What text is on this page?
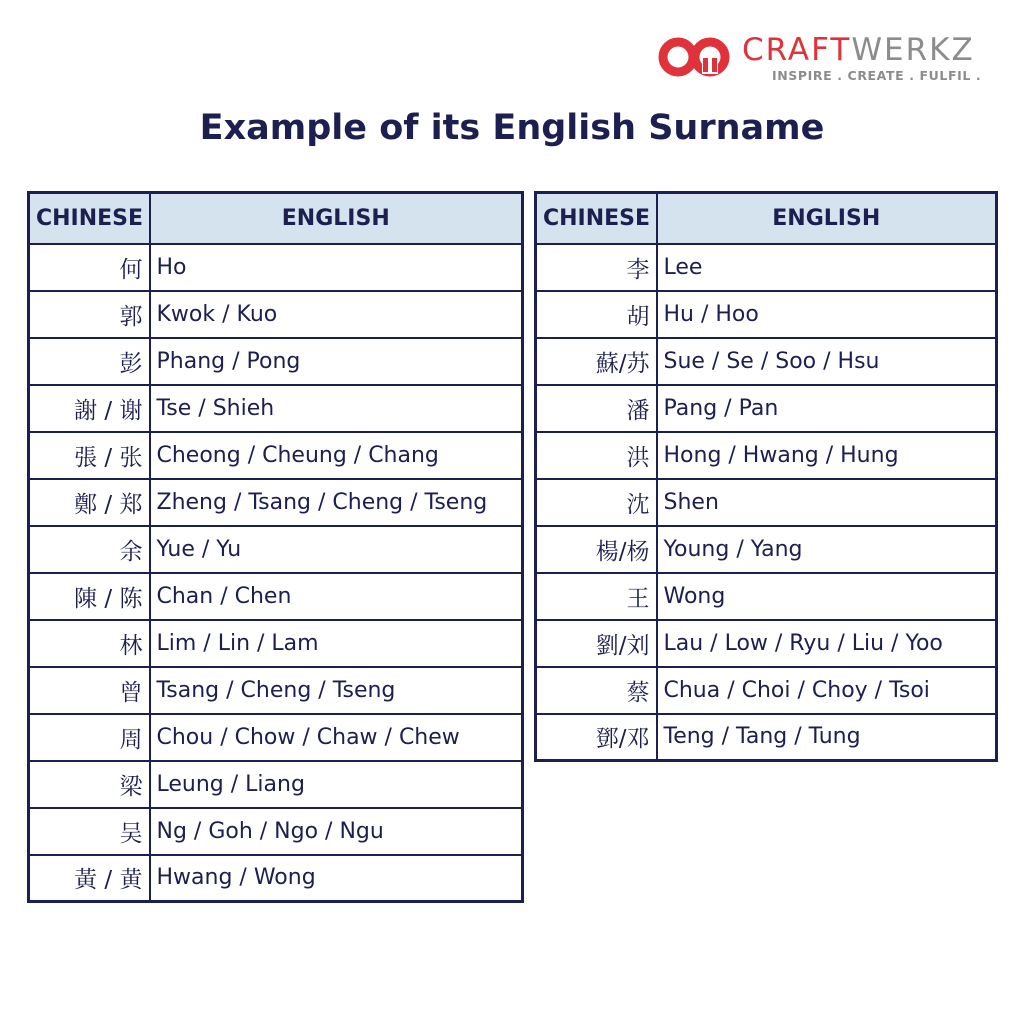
CRAFTWERKZ
INSPIRE . CREATE . FULFIL .
Example of its English Surname
CHINESE	ENGLISH
何	Ho
郭	Kwok / Kuo
彭	Phang / Pong
謝 / 谢	Tse / Shieh
張 / 张	Cheong / Cheung / Chang
鄭 / 郑	Zheng / Tsang / Cheng / Tseng
余	Yue / Yu
陳 / 陈	Chan / Chen
林	Lim / Lin / Lam
曾	Tsang / Cheng / Tseng
周	Chou / Chow / Chaw / Chew
梁	Leung / Liang
吴	Ng / Goh / Ngo / Ngu
黃 / 黄	Hwang / Wong
CHINESE	ENGLISH
李	Lee
胡	Hu / Hoo
蘇/苏	Sue / Se / Soo / Hsu
潘	Pang / Pan
洪	Hong / Hwang / Hung
沈	Shen
楊/杨	Young / Yang
王	Wong
劉/刘	Lau / Low / Ryu / Liu / Yoo
蔡	Chua / Choi / Choy / Tsoi
鄧/邓	Teng / Tang / Tung
